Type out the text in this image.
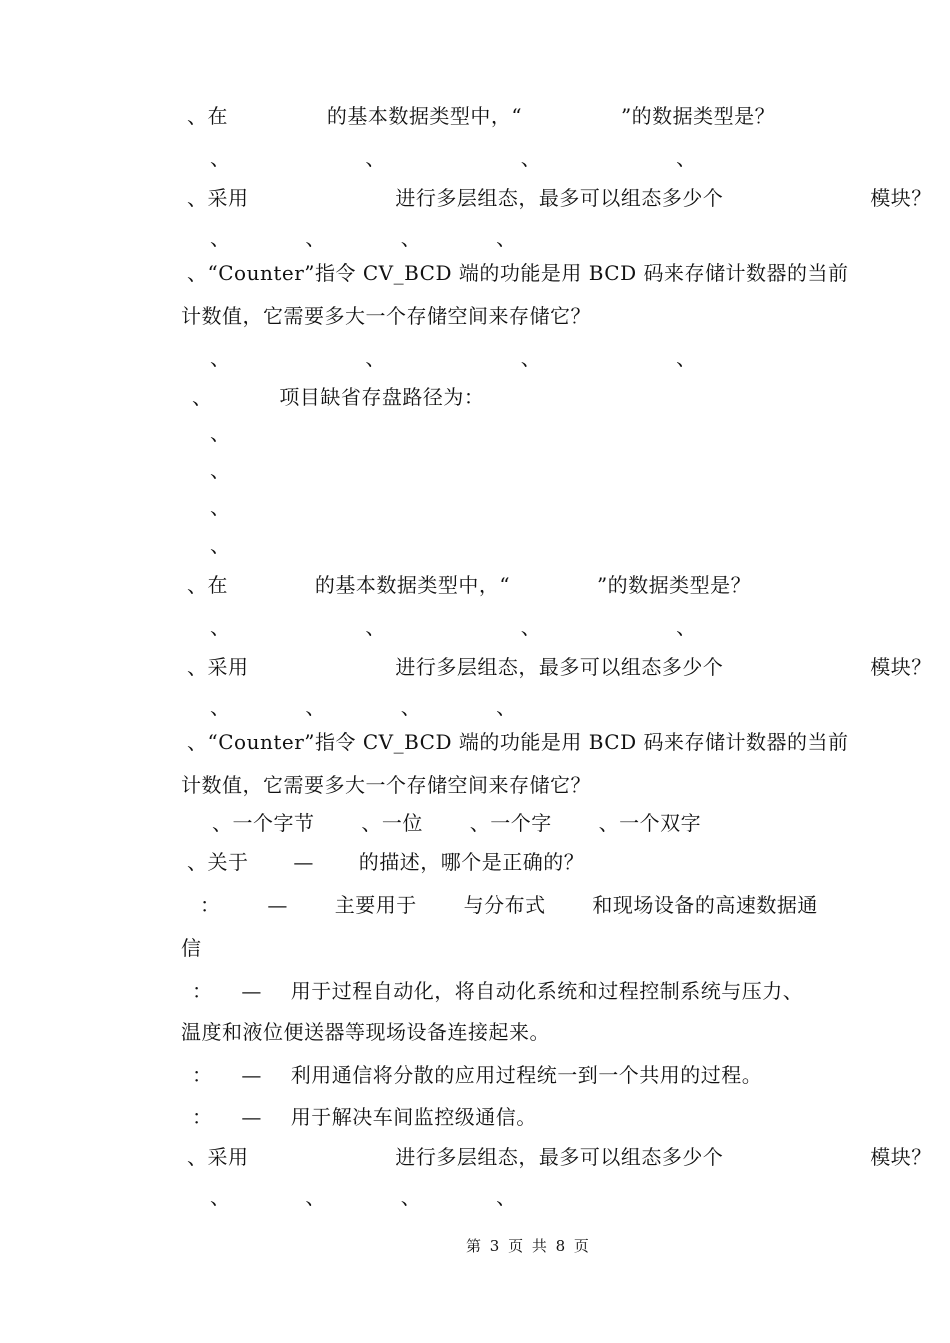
、在 的基本数据类型中，“ ”的数据类型是？

、 、 、 、

、采用 进行多层组态，最多可以组态多少个 模块？

、 、 、 、

、“Counter”指令 CV_BCD 端的功能是用 BCD 码来存储计数器的当前

计数值，它需要多大一个存储空间来存储它？

、 、 、 、

、 项目缺省存盘路径为：

、

、

、

、

、在 的基本数据类型中，“ ”的数据类型是？

、 、 、 、

、采用 进行多层组态，最多可以组态多少个 模块？

、 、 、 、

、“Counter”指令 CV_BCD 端的功能是用 BCD 码来存储计数器的当前

计数值，它需要多大一个存储空间来存储它？

、一个字节 、一位 、一个字 、一个双字

、关于 — 的描述，哪个是正确的？

： — 主要用于 与分布式 和现场设备的高速数据通

信

： — 用于过程自动化，将自动化系统和过程控制系统与压力、

温度和液位便送器等现场设备连接起来。

： — 利用通信将分散的应用过程统一到一个共用的过程。

： — 用于解决车间监控级通信。

、采用 进行多层组态，最多可以组态多少个 模块？

、 、 、 、

第 3 页 共 8 页
